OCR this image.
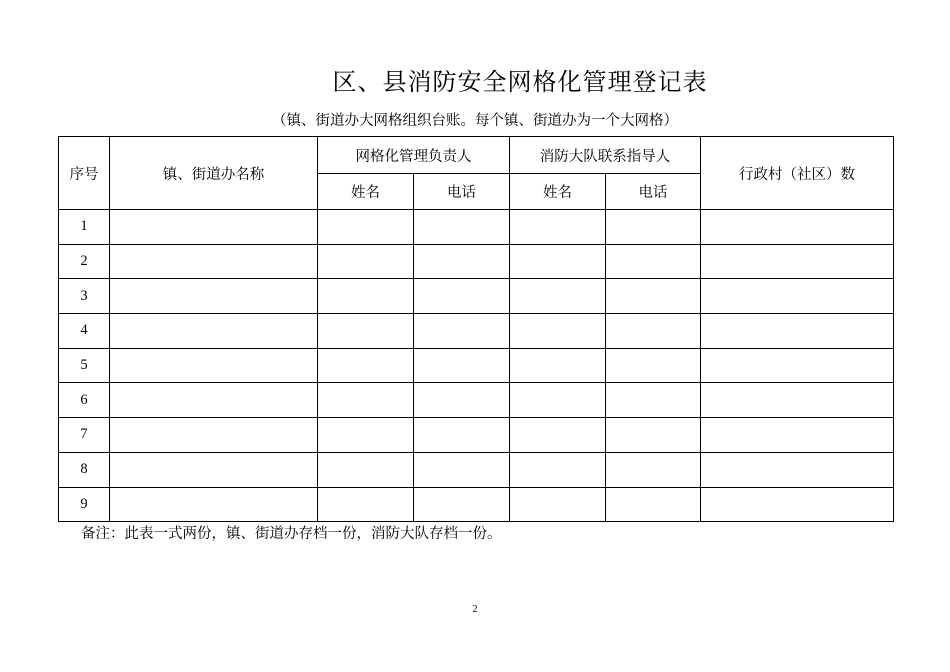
区、县消防安全网格化管理登记表
（镇、街道办大网格组织台账。每个镇、街道办为一个大网格）
序号	镇、街道办名称	网格化管理负责人		消防大队联系指导人		行政村（社区）数
		姓名	电话	姓名	电话	
1						
2						
3						
4						
5						
6						
7						
8						
9						
备注：此表一式两份，镇、街道办存档一份，消防大队存档一份。
2
